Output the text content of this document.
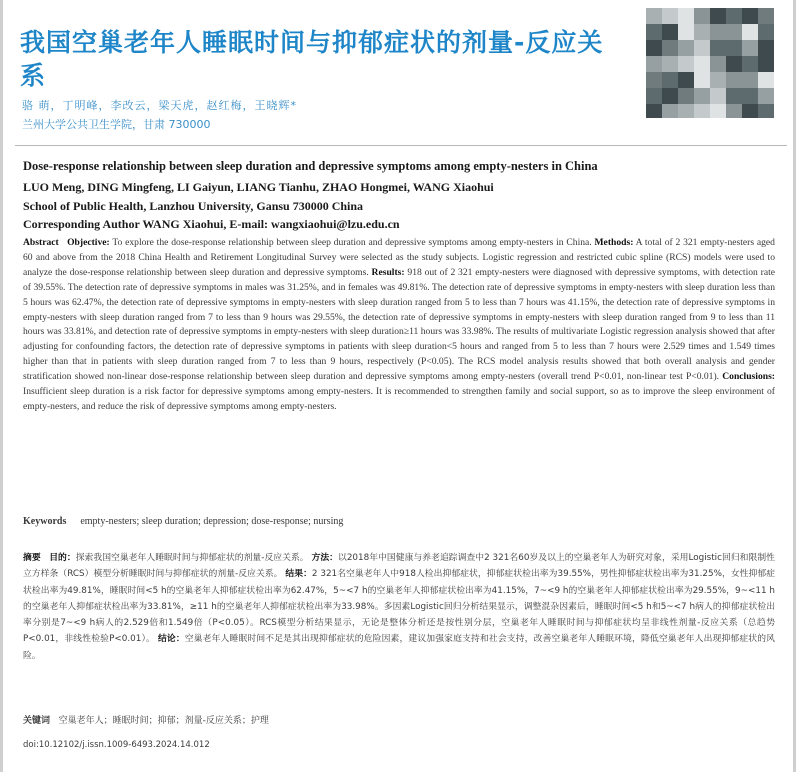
我国空巢老年人睡眠时间与抑郁症状的剂量-反应关系
骆 萌，丁明峰，李改云，梁天虎，赵红梅，王晓辉*
兰州大学公共卫生学院，甘肃 730000
Dose-response relationship between sleep duration and depressive symptoms among empty-nesters in China
LUO Meng, DING Mingfeng, LI Gaiyun, LIANG Tianhu, ZHAO Hongmei, WANG Xiaohui
School of Public Health, Lanzhou University, Gansu 730000 China
Corresponding Author WANG Xiaohui, E-mail: wangxiaohui@lzu.edu.cn
Abstract Objective: To explore the dose-response relationship between sleep duration and depressive symptoms among empty-nesters in China. Methods: A total of 2 321 empty-nesters aged 60 and above from the 2018 China Health and Retirement Longitudinal Survey were selected as the study subjects. Logistic regression and restricted cubic spline (RCS) models were used to analyze the dose-response relationship between sleep duration and depressive symptoms. Results: 918 out of 2 321 empty-nesters were diagnosed with depressive symptoms, with detection rate of 39.55%. The detection rate of depressive symptoms in males was 31.25%, and in females was 49.81%. The detection rate of depressive symptoms in empty-nesters with sleep duration less than 5 hours was 62.47%, the detection rate of depressive symptoms in empty-nesters with sleep duration ranged from 5 to less than 7 hours was 41.15%, the detection rate of depressive symptoms in empty-nesters with sleep duration ranged from 7 to less than 9 hours was 29.55%, the detection rate of depressive symptoms in empty-nesters with sleep duration ranged from 9 to less than 11 hours was 33.81%, and detection rate of depressive symptoms in empty-nesters with sleep duration≥11 hours was 33.98%. The results of multivariate Logistic regression analysis showed that after adjusting for confounding factors, the detection rate of depressive symptoms in patients with sleep duration<5 hours and ranged from 5 to less than 7 hours were 2.529 times and 1.549 times higher than that in patients with sleep duration ranged from 7 to less than 9 hours, respectively (P<0.05). The RCS model analysis results showed that both overall analysis and gender stratification showed non-linear dose-response relationship between sleep duration and depressive symptoms among empty-nesters (overall trend P<0.01, non-linear test P<0.01). Conclusions: Insufficient sleep duration is a risk factor for depressive symptoms among empty-nesters. It is recommended to strengthen family and social support, so as to improve the sleep environment of empty-nesters, and reduce the risk of depressive symptoms among empty-nesters.
Keywords empty-nesters; sleep duration; depression; dose-response; nursing
摘要 目的：探索我国空巢老年人睡眠时间与抑郁症状的剂量-反应关系。 方法：以2018年中国健康与养老追踪调查中2 321名60岁及以上的空巢老年人为研究对象，采用Logistic回归和限制性立方样条（RCS）模型分析睡眠时间与抑郁症状的剂量-反应关系。 结果：2 321名空巢老年人中918人检出抑郁症状，抑郁症状检出率为39.55%，男性抑郁症状检出率为31.25%，女性抑郁症状检出率为49.81%，睡眠时间<5 h的空巢老年人抑郁症状检出率为62.47%，5~<7 h的空巢老年人抑郁症状检出率为41.15%，7~<9 h的空巢老年人抑郁症状检出率为29.55%，9~<11 h的空巢老年人抑郁症状检出率为33.81%，≥11 h的空巢老年人抑郁症状检出率为33.98%。多因素Logistic回归分析结果显示，调整混杂因素后，睡眠时间<5 h和5~<7 h病人的抑郁症状检出率分别是7~<9 h病人的2.529倍和1.549倍（P<0.05）。RCS模型分析结果显示，无论是整体分析还是按性别分层，空巢老年人睡眠时间与抑郁症状均呈非线性剂量-反应关系（总趋势P<0.01，非线性检验P<0.01）。 结论：空巢老年人睡眠时间不足是其出现抑郁症状的危险因素，建议加强家庭支持和社会支持，改善空巢老年人睡眠环境，降低空巢老年人出现抑郁症状的风险。
关键词 空巢老年人；睡眠时间；抑郁；剂量-反应关系；护理
doi:10.12102/j.issn.1009-6493.2024.14.012
